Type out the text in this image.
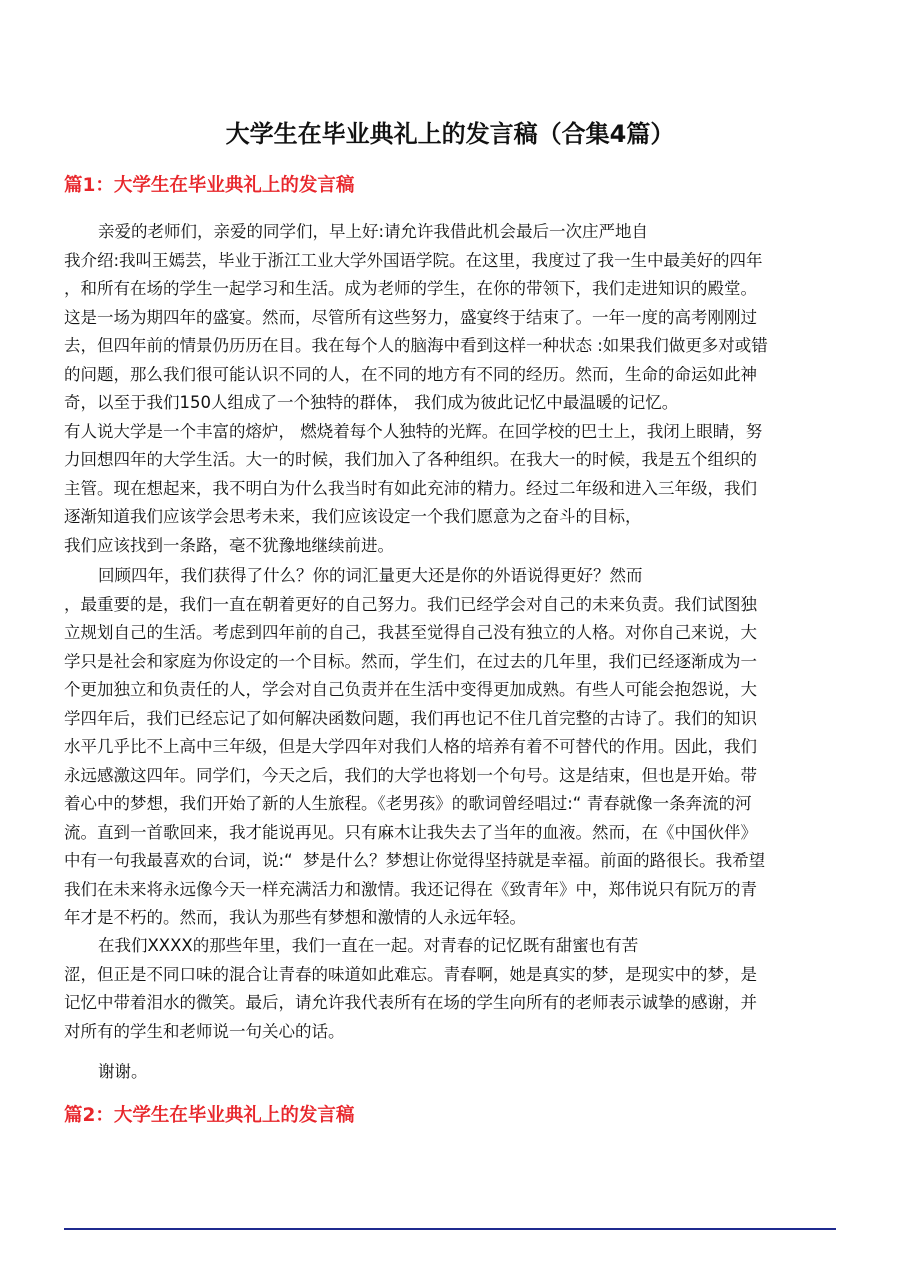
大学生在毕业典礼上的发言稿（合集4篇）
篇1：大学生在毕业典礼上的发言稿
亲爱的老师们，亲爱的同学们，早上好:请允许我借此机会最后一次庄严地自
我介绍:我叫王嫣芸，毕业于浙江工业大学外国语学院。在这里，我度过了我一生中最美好的四年
，和所有在场的学生一起学习和生活。成为老师的学生，在你的带领下，我们走进知识的殿堂。
这是一场为期四年的盛宴。然而，尽管所有这些努力，盛宴终于结束了。一年一度的高考刚刚过
去，但四年前的情景仍历历在目。我在每个人的脑海中看到这样一种状态 :如果我们做更多对或错
的问题，那么我们很可能认识不同的人，在不同的地方有不同的经历。然而，生命的命运如此神
奇，以至于我们150人组成了一个独特的群体， 我们成为彼此记忆中最温暖的记忆。
有人说大学是一个丰富的熔炉， 燃烧着每个人独特的光辉。在回学校的巴士上，我闭上眼睛，努
力回想四年的大学生活。大一的时候，我们加入了各种组织。在我大一的时候，我是五个组织的
主管。现在想起来，我不明白为什么我当时有如此充沛的精力。经过二年级和进入三年级，我们
逐渐知道我们应该学会思考未来，我们应该设定一个我们愿意为之奋斗的目标，
我们应该找到一条路，毫不犹豫地继续前进。
回顾四年，我们获得了什么？你的词汇量更大还是你的外语说得更好？然而
，最重要的是，我们一直在朝着更好的自己努力。我们已经学会对自己的未来负责。我们试图独
立规划自己的生活。考虑到四年前的自己，我甚至觉得自己没有独立的人格。对你自己来说，大
学只是社会和家庭为你设定的一个目标。然而，学生们，在过去的几年里，我们已经逐渐成为一
个更加独立和负责任的人，学会对自己负责并在生活中变得更加成熟。有些人可能会抱怨说，大
学四年后，我们已经忘记了如何解决函数问题，我们再也记不住几首完整的古诗了。我们的知识
水平几乎比不上高中三年级，但是大学四年对我们人格的培养有着不可替代的作用。因此，我们
永远感激这四年。同学们，今天之后，我们的大学也将划一个句号。这是结束，但也是开始。带
着心中的梦想，我们开始了新的人生旅程。《老男孩》的歌词曾经唱过:“ 青春就像一条奔流的河
流。直到一首歌回来，我才能说再见。只有麻木让我失去了当年的血液。然而，在《中国伙伴》
中有一句我最喜欢的台词，说:“  梦是什么？梦想让你觉得坚持就是幸福。前面的路很长。我希望
我们在未来将永远像今天一样充满活力和激情。我还记得在《致青年》中，郑伟说只有阮万的青
年才是不朽的。然而，我认为那些有梦想和激情的人永远年轻。
在我们XXXX的那些年里，我们一直在一起。对青春的记忆既有甜蜜也有苦
涩，但正是不同口味的混合让青春的味道如此难忘。青春啊，她是真实的梦，是现实中的梦，是
记忆中带着泪水的微笑。最后，请允许我代表所有在场的学生向所有的老师表示诚挚的感谢，并
对所有的学生和老师说一句关心的话。
谢谢。
篇2：大学生在毕业典礼上的发言稿
